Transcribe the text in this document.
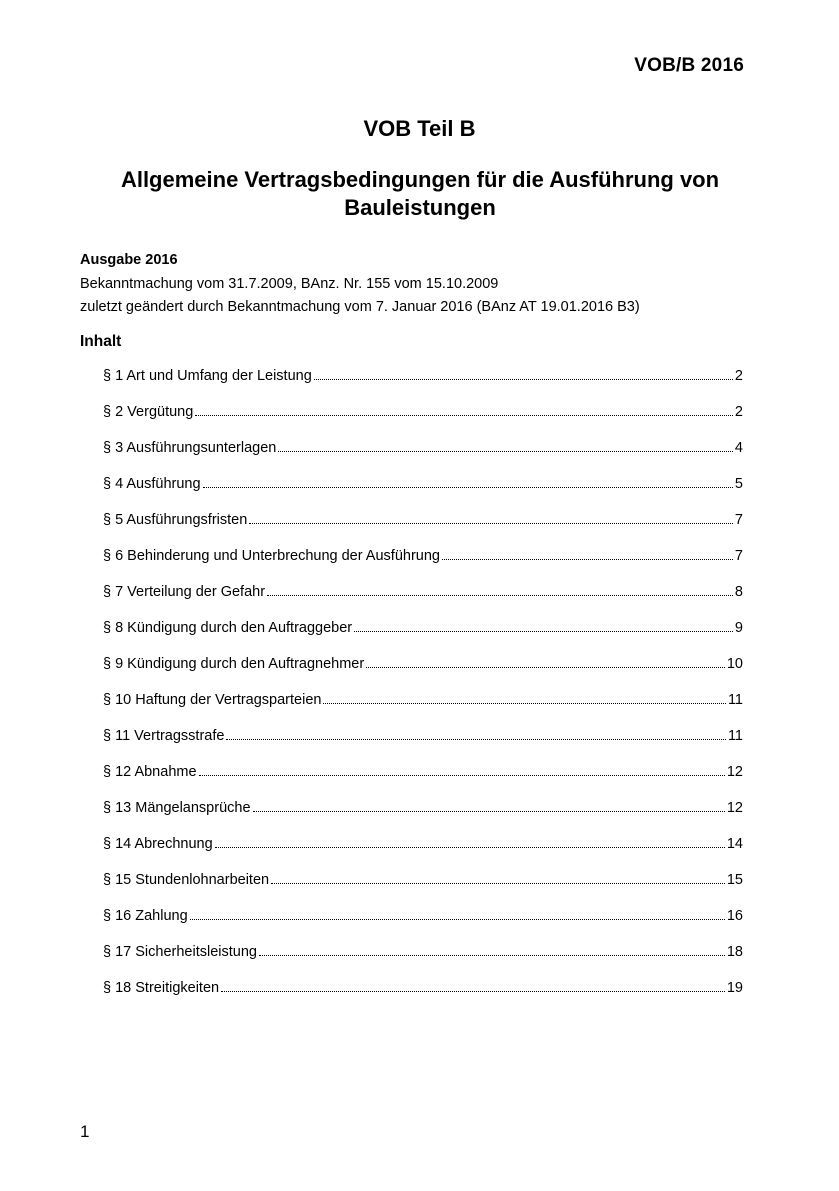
VOB/B 2016
VOB Teil B
Allgemeine Vertragsbedingungen für die Ausführung von Bauleistungen
Ausgabe 2016
Bekanntmachung vom 31.7.2009, BAnz. Nr. 155 vom 15.10.2009
zuletzt geändert durch Bekanntmachung vom 7. Januar 2016 (BAnz AT 19.01.2016 B3)
Inhalt
§ 1 Art und Umfang der Leistung	2
§ 2 Vergütung	2
§ 3 Ausführungsunterlagen	4
§ 4 Ausführung	5
§ 5 Ausführungsfristen	7
§ 6 Behinderung und Unterbrechung der Ausführung	7
§ 7 Verteilung der Gefahr	8
§ 8 Kündigung durch den Auftraggeber	9
§ 9 Kündigung durch den Auftragnehmer	10
§ 10 Haftung der Vertragsparteien	11
§ 11 Vertragsstrafe	11
§ 12 Abnahme	12
§ 13 Mängelansprüche	12
§ 14 Abrechnung	14
§ 15 Stundenlohnarbeiten	15
§ 16 Zahlung	16
§ 17 Sicherheitsleistung	18
§ 18 Streitigkeiten	19
1
